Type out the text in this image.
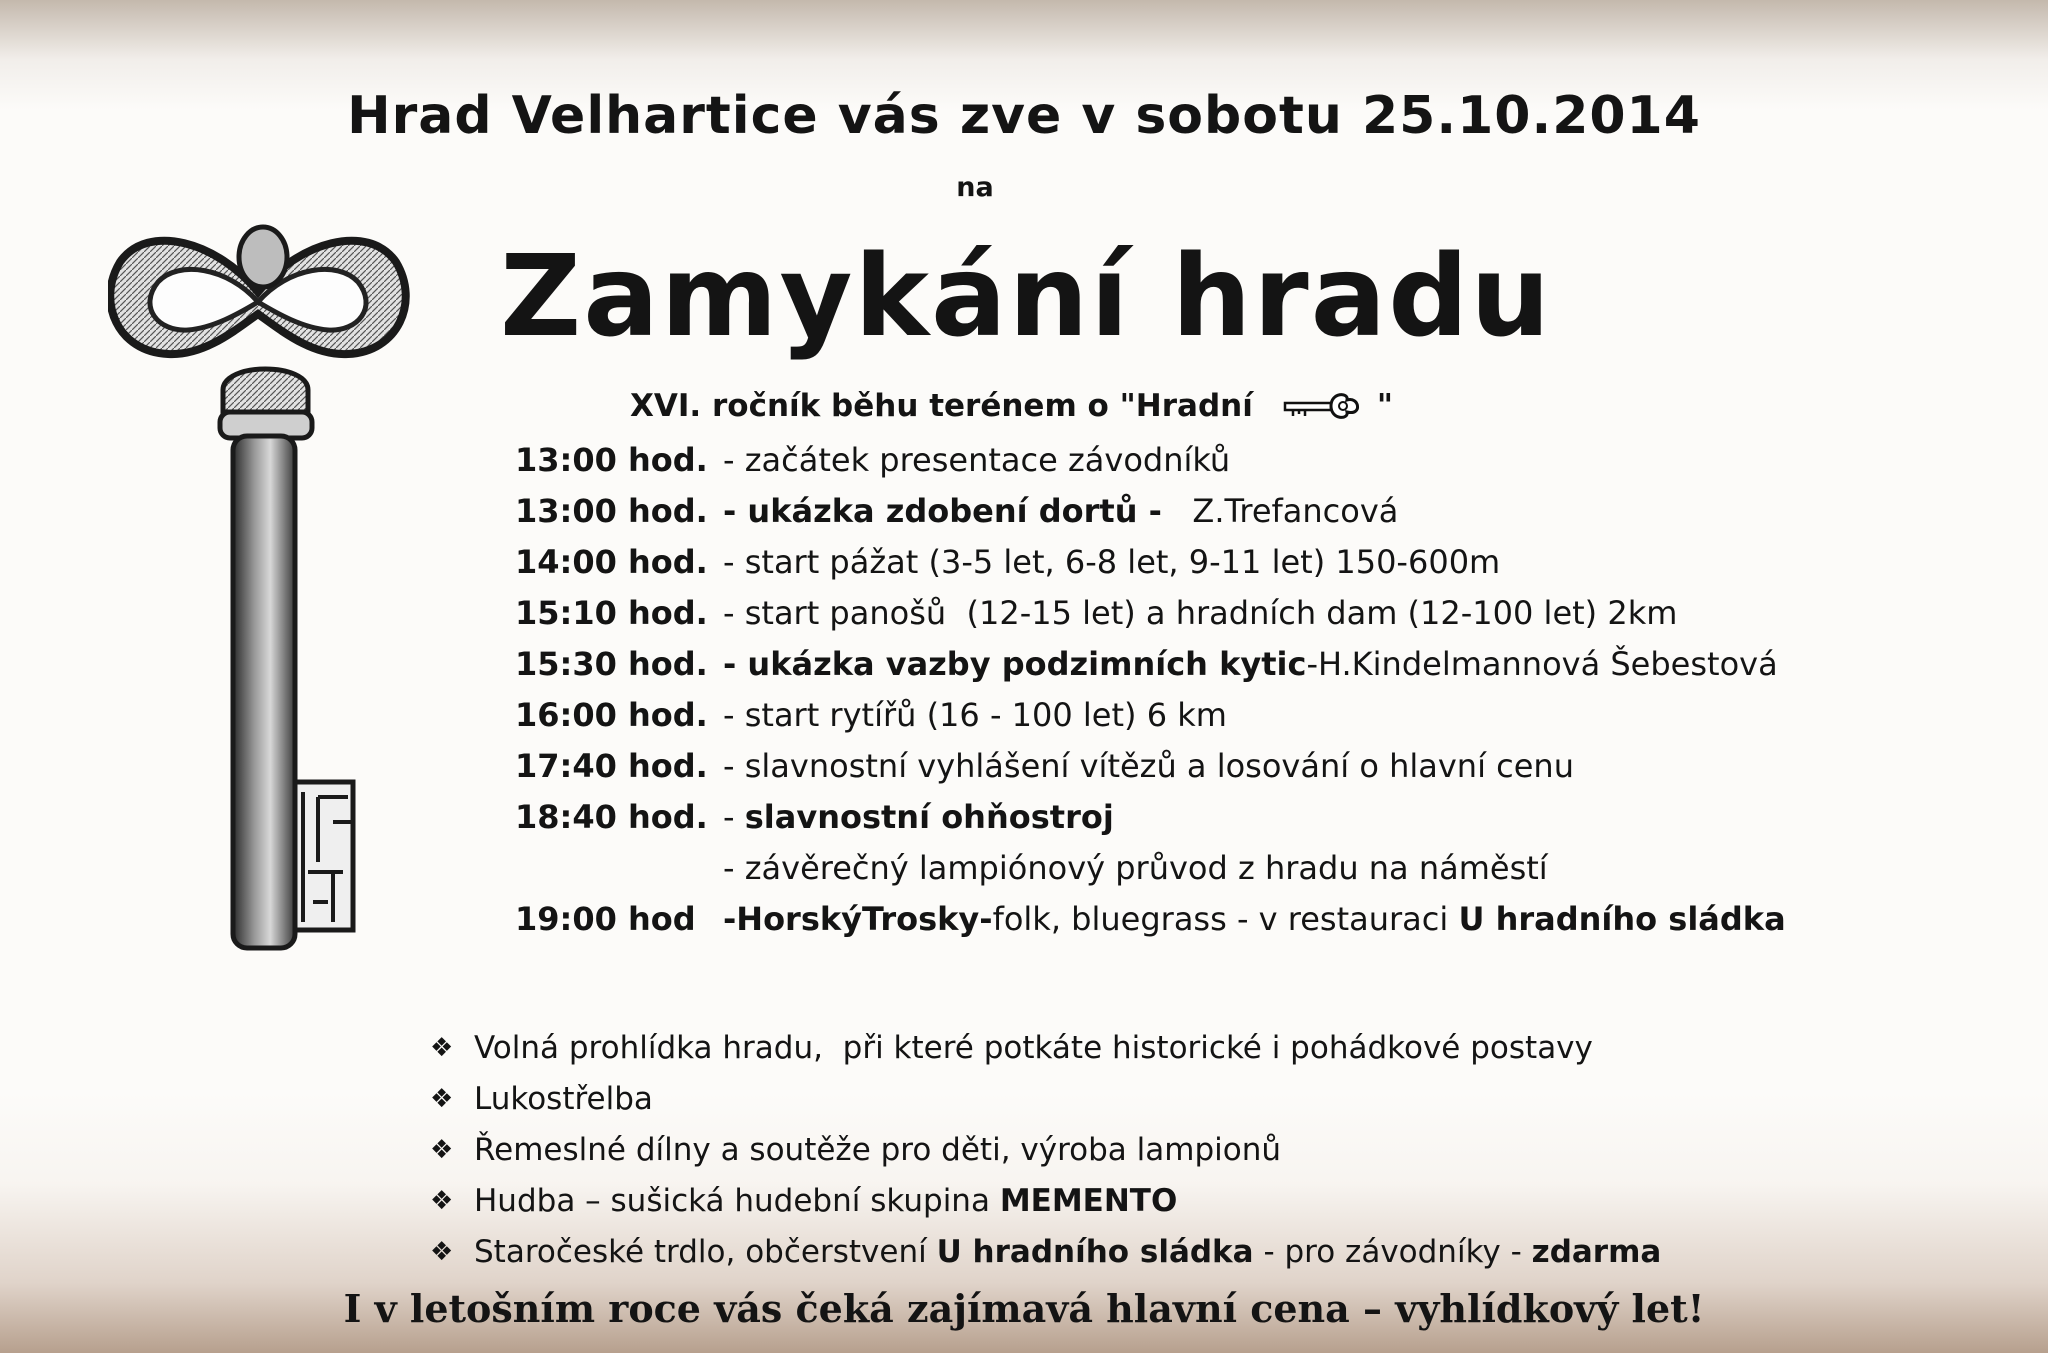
Hrad Velhartice vás zve v sobotu 25.10.2014
na
Zamykání hradu
XVI. ročník běhu terénem o "Hradní	"
13:00 hod. - začátek presentace závodníků
13:00 hod. - ukázka zdobení dortů -   Z.Trefancová
14:00 hod. - start pážat (3-5 let, 6-8 let, 9-11 let) 150-600m
15:10 hod. - start panošů  (12-15 let) a hradních dam (12-100 let) 2km
15:30 hod. - ukázka vazby podzimních kytic-H.Kindelmannová Šebestová
16:00 hod. - start rytířů (16 - 100 let) 6 km
17:40 hod. - slavnostní vyhlášení vítězů a losování o hlavní cenu
18:40 hod. - slavnostní ohňostroj
- závěrečný lampiónový průvod z hradu na náměstí
19:00 hod -HorskýTrosky-folk, bluegrass - v restauraci U hradního sládka
❖ Volná prohlídka hradu,  při které potkáte historické i pohádkové postavy
❖ Lukostřelba
❖ Řemeslné dílny a soutěže pro děti, výroba lampionů
❖ Hudba – sušická hudební skupina MEMENTO
❖ Staročeské trdlo, občerstvení U hradního sládka - pro závodníky - zdarma
I v letošním roce vás čeká zajímavá hlavní cena – vyhlídkový let!
